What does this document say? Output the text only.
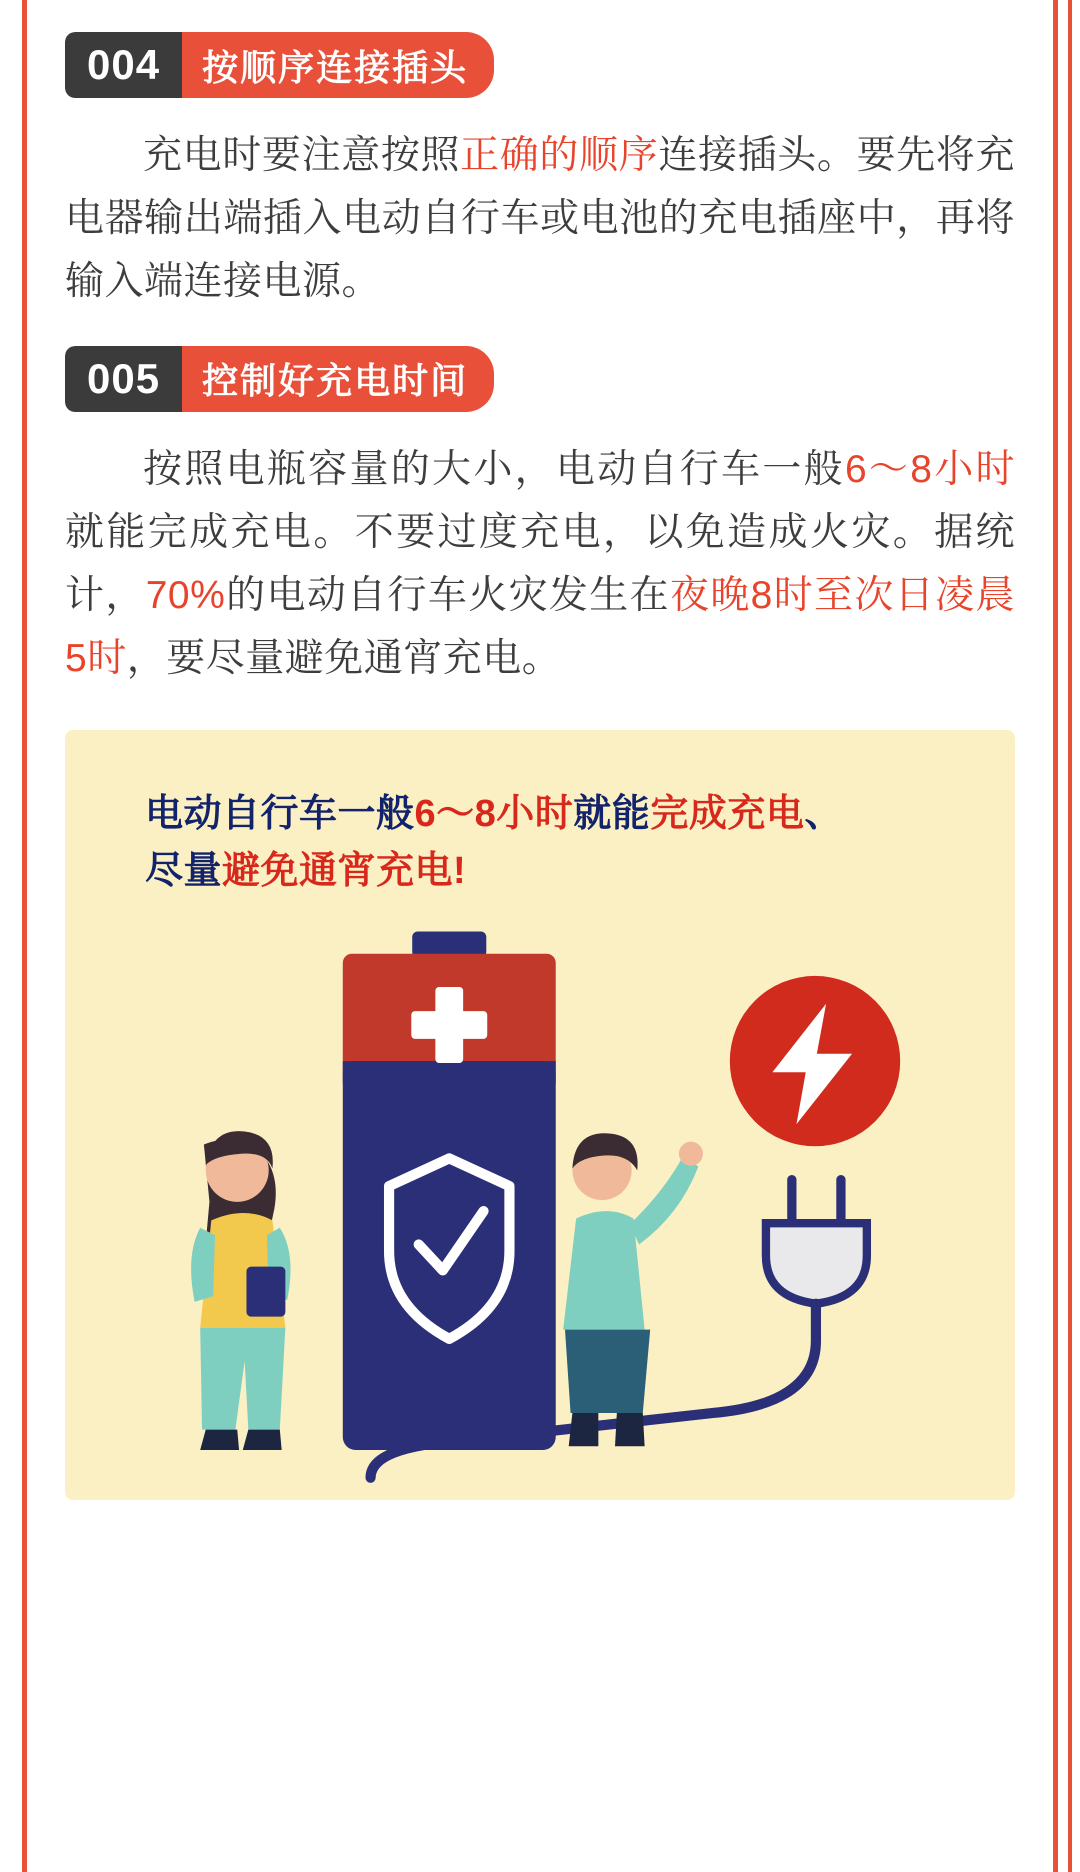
004	按顺序连接插头

充电时要注意按照正确的顺序连接插头。要先将充电器输出端插入电动自行车或电池的充电插座中，再将输入端连接电源。

005	控制好充电时间

按照电瓶容量的大小，电动自行车一般6～8小时就能完成充电。不要过度充电，以免造成火灾。据统计，70%的电动自行车火灾发生在夜晚8时至次日凌晨5时，要尽量避免通宵充电。

电动自行车一般6～8小时就能完成充电、尽量避免通宵充电!
